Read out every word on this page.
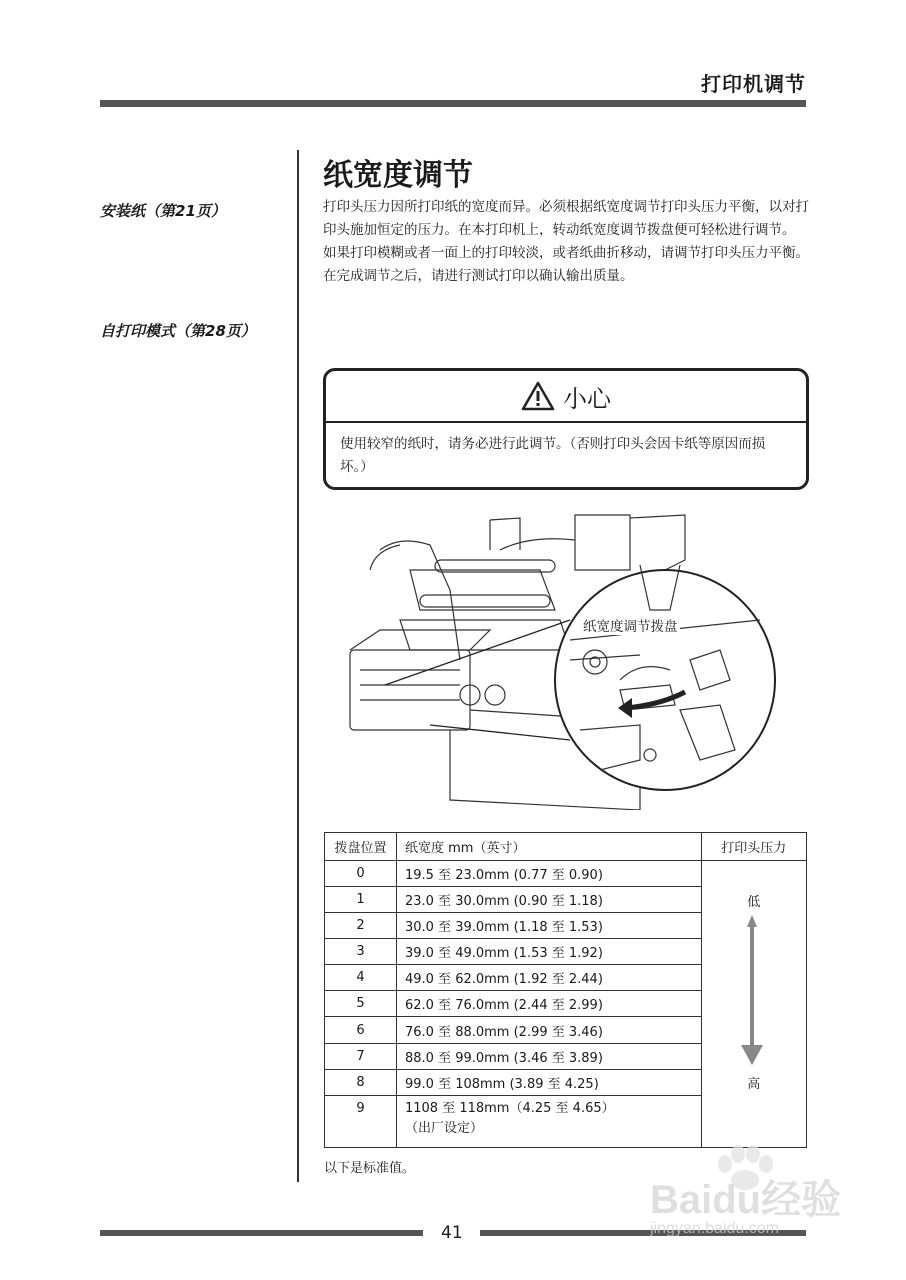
打印机调节
安装纸（第21页）
自打印模式（第28页）
纸宽度调节

打印头压力因所打印纸的宽度而异。必须根据纸宽度调节打印头压力平衡，以对打印头施加恒定的压力。在本打印机上，转动纸宽度调节拨盘便可轻松进行调节。

如果打印模糊或者一面上的打印较淡，或者纸曲折移动，请调节打印头压力平衡。

在完成调节之后，请进行测试打印以确认输出质量。

小心
使用较窄的纸时，请务必进行此调节。（否则打印头会因卡纸等原因而损坏。）
纸宽度调节拨盘
拨盘位置	纸宽度 mm（英寸）	打印头压力
0	19.5 至 23.0mm (0.77 至 0.90)	低
高

1	23.0 至 30.0mm (0.90 至 1.18)	
2	30.0 至 39.0mm (1.18 至 1.53)	
3	39.0 至 49.0mm (1.53 至 1.92)	
4	49.0 至 62.0mm (1.92 至 2.44)	
5	62.0 至 76.0mm (2.44 至 2.99)	
6	76.0 至 88.0mm (2.99 至 3.46)	
7	88.0 至 99.0mm (3.46 至 3.89)	
8	99.0 至 108mm (3.89 至 4.25)	
9	1108 至 118mm（4.25 至 4.65）
（出厂设定）	
以下是标准值。
41
Baidu经验
jingyan.baidu.com
